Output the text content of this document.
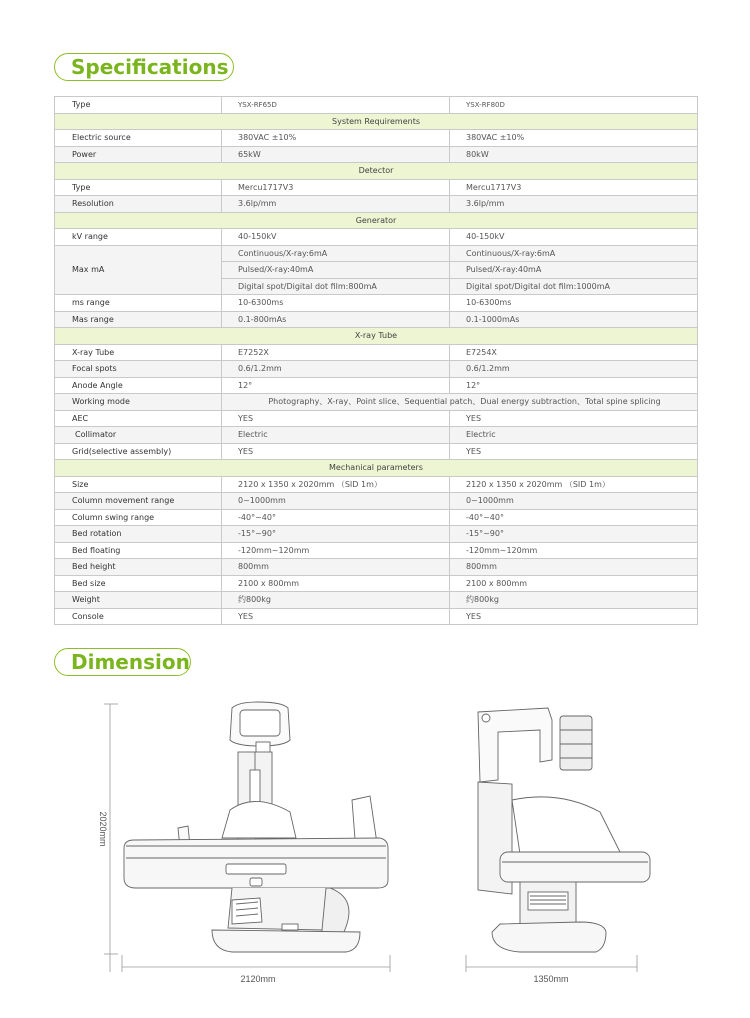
Specifications
Type	YSX-RF65D	YSX-RF80D
System Requirements		
Electric source	380VAC ±10%	380VAC ±10%
Power	65kW	80kW
Detector		
Type	Mercu1717V3	Mercu1717V3
Resolution	3.6lp/mm	3.6lp/mm
Generator		
kV range	40-150kV	40-150kV
Max mA	Continuous/X-ray:6mA	Continuous/X-ray:6mA
	Pulsed/X-ray:40mA	Pulsed/X-ray:40mA
	Digital spot/Digital dot film:800mA	Digital spot/Digital dot film:1000mA
ms range	10-6300ms	10-6300ms
Mas range	0.1-800mAs	0.1-1000mAs
X-ray Tube		
X-ray Tube	E7252X	E7254X
Focal spots	0.6/1.2mm	0.6/1.2mm
Anode Angle	12°	12°
Working mode	Photography、X-ray、Point slice、Sequential patch、Dual energy subtraction、Total spine splicing	
AEC	YES	YES
Collimator	Electric	Electric
Grid(selective assembly)	YES	YES
Mechanical parameters		
Size	2120 x 1350 x 2020mm （SID 1m）	2120 x 1350 x 2020mm （SID 1m）
Column movement range	0~1000mm	0~1000mm
Column swing range	-40°~40°	-40°~40°
Bed rotation	-15°~90°	-15°~90°
Bed floating	-120mm~120mm	-120mm~120mm
Bed height	800mm	800mm
Bed size	2100 x 800mm	2100 x 800mm
Weight	约800kg	约800kg
Console	YES	YES
Dimension
2020mm
2120mm	1350mm
